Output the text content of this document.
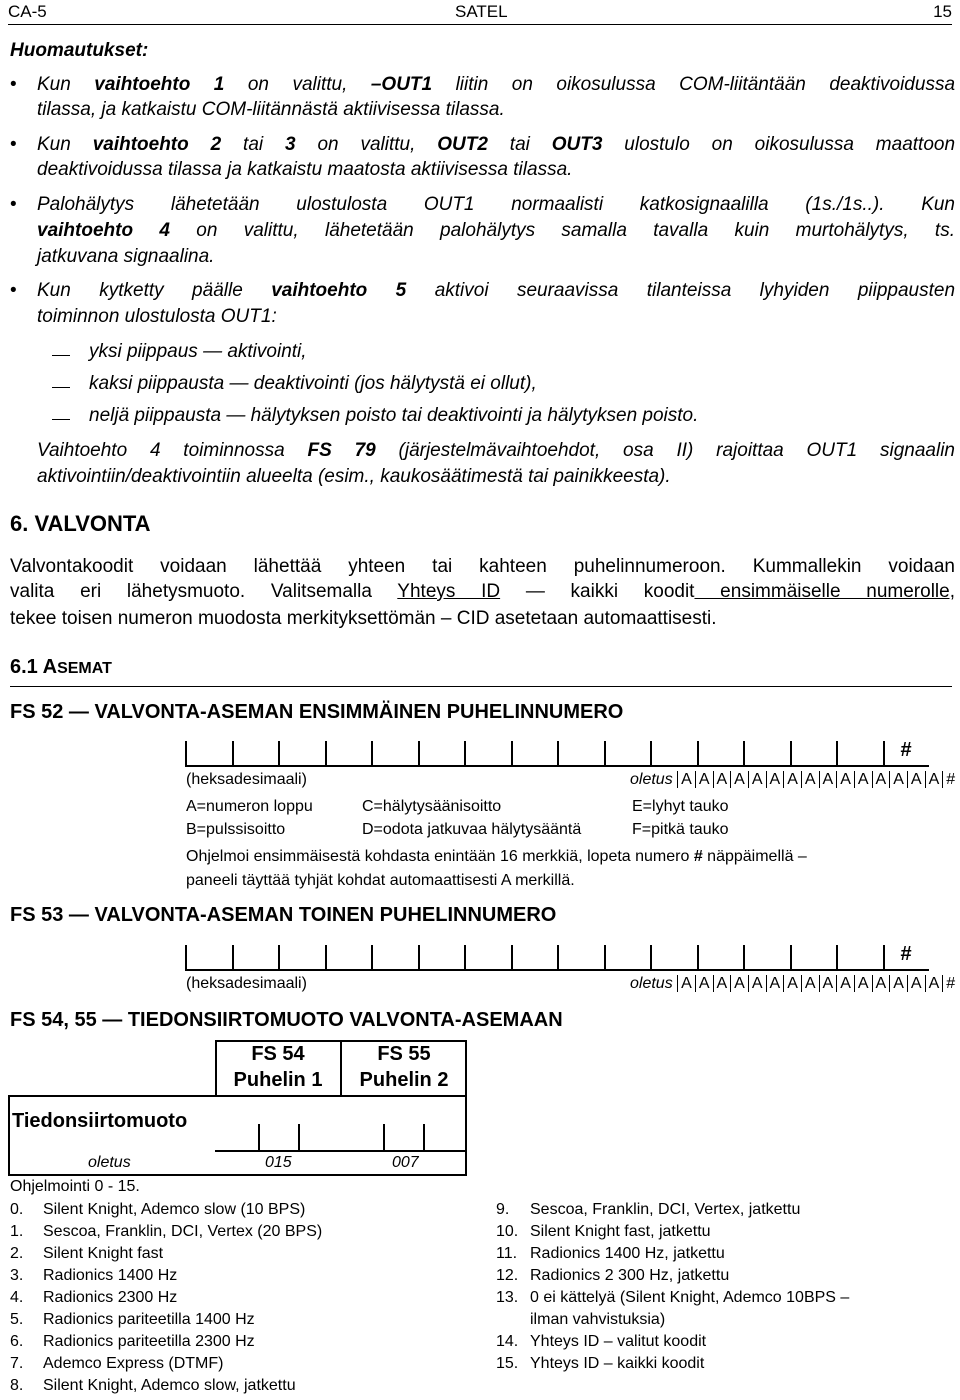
CA-5	SATEL	15
Huomautukset:
• Kun vaihtoehto 1 on valittu, –OUT1 liitin on oikosulussa COM-liitäntään deaktivoidussa
tilassa, ja katkaistu COM-liitännästä aktiivisessa tilassa.
• Kun vaihtoehto 2 tai 3 on valittu, OUT2 tai OUT3 ulostulo on oikosulussa maattoon
deaktivoidussa tilassa ja katkaistu maatosta aktiivisessa tilassa.
• Palohälytys lähetetään ulostulosta OUT1 normaalisti katkosignaalilla (1s./1s..). Kun
vaihtoehto 4 on valittu, lähetetään palohälytys samalla tavalla kuin murtohälytys, ts.
jatkuvana signaalina.
• Kun kytketty päälle vaihtoehto 5 aktivoi seuraavissa tilanteissa lyhyiden piippausten
toiminnon ulostulosta OUT1:
yksi piippaus — aktivointi,
kaksi piippausta — deaktivointi (jos hälytystä ei ollut),
neljä piippausta — hälytyksen poisto tai deaktivointi ja hälytyksen poisto.
Vaihtoehto 4 toiminnossa FS 79 (järjestelmävaihtoehdot, osa II) rajoittaa OUT1 signaalin
aktivointiin/deaktivointiin alueelta (esim., kaukosäätimestä tai painikkeesta).
6. VALVONTA
Valvontakoodit voidaan lähettää yhteen tai kahteen puhelinnumeroon. Kummallekin voidaan
valita eri lähetysmuoto. Valitsemalla Yhteys ID — kaikki koodit ensimmäiselle numerolle,
tekee toisen numeron muodosta merkityksettömän – CID asetetaan automaattisesti.
6.1 ASEMAT
FS 52 — VALVONTA-ASEMAN ENSIMMÄINEN PUHELINNUMERO
#
(heksadesimaali)	oletus A A A A A A A A A A A A A A A #
A=numeron loppu	C=hälytysäänisoitto	E=lyhyt tauko
B=pulssisoitto	D=odota jatkuvaa hälytysääntä	F=pitkä tauko
Ohjelmoi ensimmäisestä kohdasta enintään 16 merkkiä, lopeta numero # näppäimellä –
paneeli täyttää tyhjät kohdat automaattisesti A merkillä.
FS 53 — VALVONTA-ASEMAN TOINEN PUHELINNUMERO
#
(heksadesimaali)	oletus A A A A A A A A A A A A A A A #
FS 54, 55 — TIEDONSIIRTOMUOTO VALVONTA-ASEMAAN
FS 54
Puhelin 1
FS 55
Puhelin 2
Tiedonsiirtomuoto
oletus	015	007
Ohjelmointi 0 - 15.
0. Silent Knight, Ademco slow (10 BPS)
1. Sescoa, Franklin, DCI, Vertex (20 BPS)
2. Silent Knight fast
3. Radionics 1400 Hz
4. Radionics 2300 Hz
5. Radionics pariteetilla 1400 Hz
6. Radionics pariteetilla 2300 Hz
7. Ademco Express (DTMF)
8. Silent Knight, Ademco slow, jatkettu
9. Sescoa, Franklin, DCI, Vertex, jatkettu
10. Silent Knight fast, jatkettu
11. Radionics 1400 Hz, jatkettu
12. Radionics 2 300 Hz, jatkettu
13. 0 ei kättelyä (Silent Knight, Ademco 10BPS –
ilman vahvistuksia)
14. Yhteys ID – valitut koodit
15. Yhteys ID – kaikki koodit
